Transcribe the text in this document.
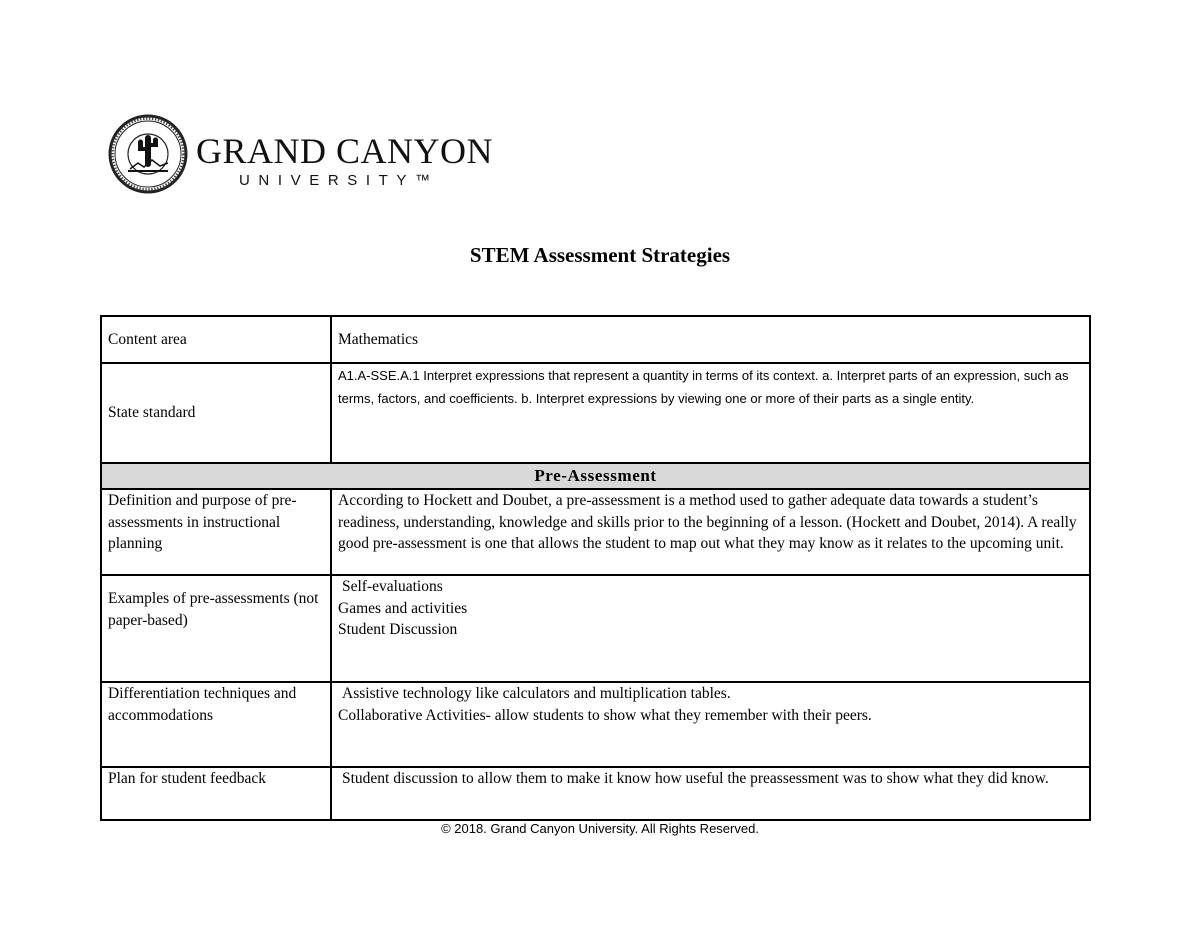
GRAND CANYON
UNIVERSITY™
STEM Assessment Strategies
Content area	Mathematics
State standard	A1.A-SSE.A.1 Interpret expressions that represent a quantity in terms of its context. a. Interpret parts of an expression, such as terms, factors, and coefficients. b. Interpret expressions by viewing one or more of their parts as a single entity.
Pre-Assessment	
Definition and purpose of pre-assessments in instructional planning	According to Hockett and Doubet, a pre-assessment is a method used to gather adequate data towards a student’s readiness, understanding, knowledge and skills prior to the beginning of a lesson. (Hockett and Doubet, 2014). A really good pre-assessment is one that allows the student to map out what they may know as it relates to the upcoming unit.
Examples of pre-assessments (not paper-based)	Self-evaluations
Games and activities
Student Discussion

Differentiation techniques and accommodations	Assistive technology like calculators and multiplication tables.
Collaborative Activities- allow students to show what they remember with their peers.

Plan for student feedback	Student discussion to allow them to make it know how useful the preassessment was to show what they did know.
© 2018. Grand Canyon University. All Rights Reserved.
